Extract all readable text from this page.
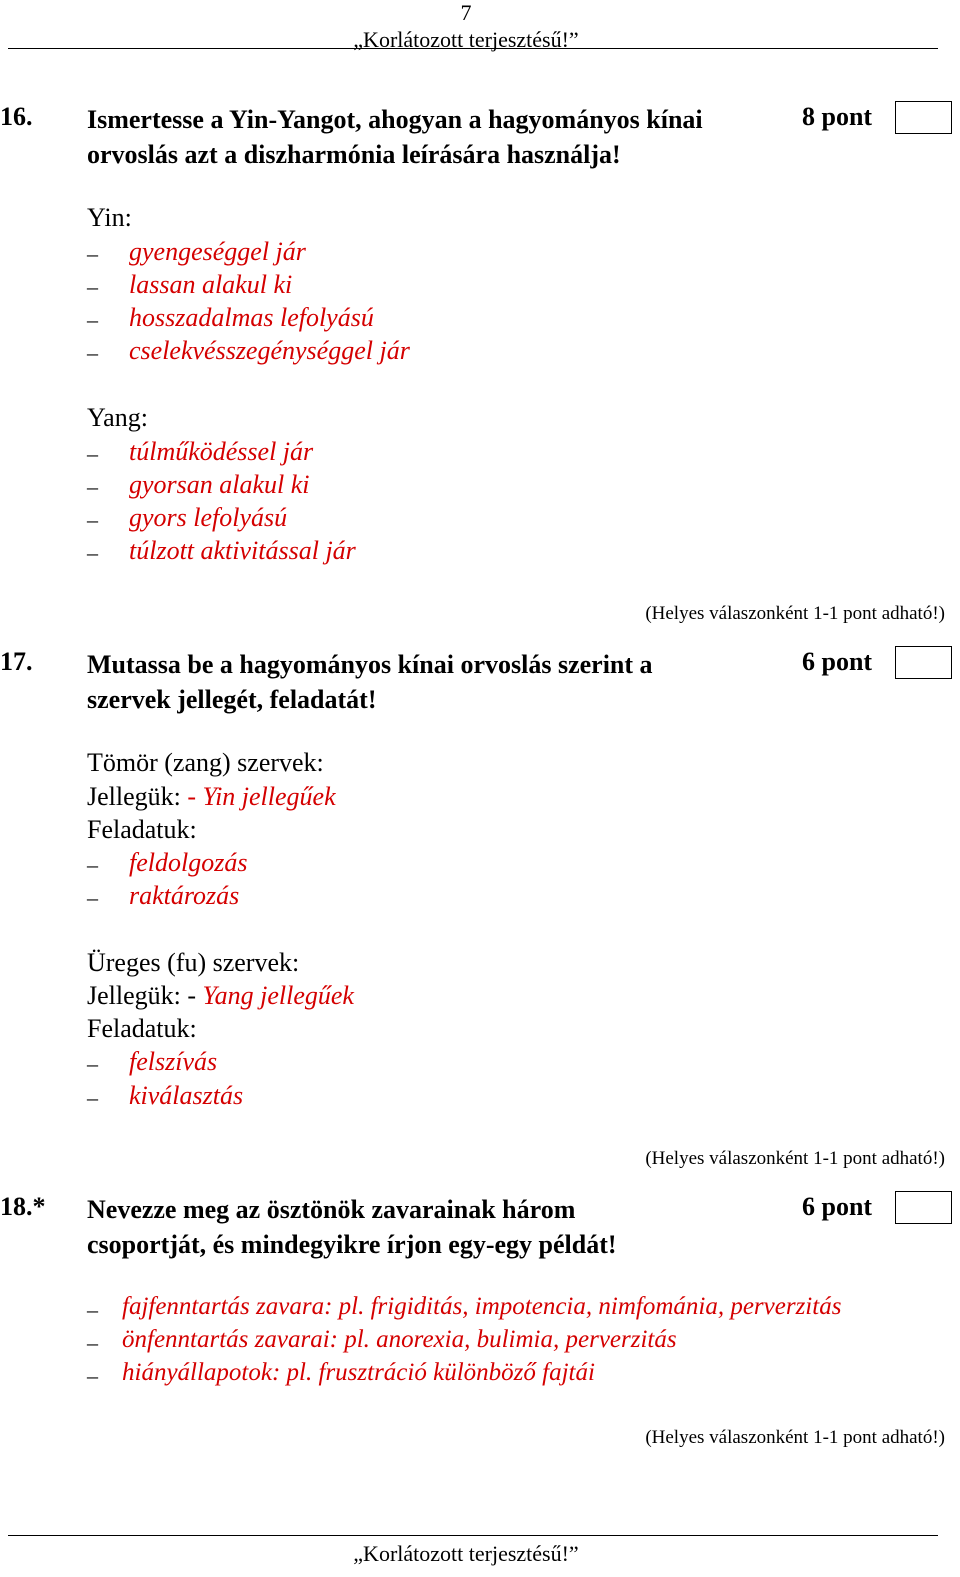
7
„Korlátozott terjesztésű!”
16. Ismertesse a Yin-Yangot, ahogyan a hagyományos kínai
orvoslás azt a diszharmónia leírására használja!
8 pont
Yin:
– gyengeséggel jár
– lassan alakul ki
– hosszadalmas lefolyású
– cselekvésszegénységgel jár
Yang:
– túlműködéssel jár
– gyorsan alakul ki
– gyors lefolyású
– túlzott aktivitással jár
(Helyes válaszonként 1-1 pont adható!)
17. Mutassa be a hagyományos kínai orvoslás szerint a
szervek jellegét, feladatát!
6 pont
Tömör (zang) szervek:
Jellegük: - Yin jellegűek
Feladatuk:
– feldolgozás
– raktározás
Üreges (fu) szervek:
Jellegük: - Yang jellegűek
Feladatuk:
– felszívás
– kiválasztás
(Helyes válaszonként 1-1 pont adható!)
18.* Nevezze meg az ösztönök zavarainak három
csoportját, és mindegyikre írjon egy-egy példát!
6 pont
– fajfenntartás zavara: pl. frigiditás, impotencia, nimfománia, perverzitás
– önfenntartás zavarai: pl. anorexia, bulimia, perverzitás
– hiányállapotok: pl. frusztráció különböző fajtái
(Helyes válaszonként 1-1 pont adható!)
„Korlátozott terjesztésű!”
